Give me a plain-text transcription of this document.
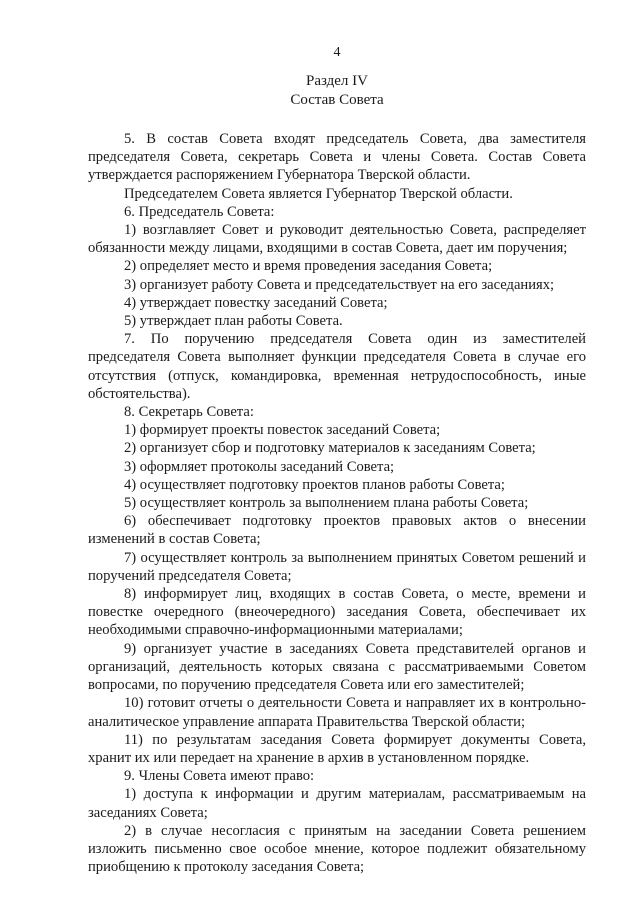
4
Раздел IV
Состав Совета

5. В состав Совета входят председатель Совета, два заместителя председателя Совета, секретарь Совета и члены Совета. Состав Совета утверждается распоряжением Губернатора Тверской области.

Председателем Совета является Губернатор Тверской области.

6. Председатель Совета:

1) возглавляет Совет и руководит деятельностью Совета, распределяет обязанности между лицами, входящими в состав Совета, дает им поручения;

2) определяет место и время проведения заседания Совета;

3) организует работу Совета и председательствует на его заседаниях;

4) утверждает повестку заседаний Совета;

5) утверждает план работы Совета.

7. По поручению председателя Совета один из заместителей председателя Совета выполняет функции председателя Совета в случае его отсутствия (отпуск, командировка, временная нетрудоспособность, иные обстоятельства).

8. Секретарь Совета:

1) формирует проекты повесток заседаний Совета;

2) организует сбор и подготовку материалов к заседаниям Совета;

3) оформляет протоколы заседаний Совета;

4) осуществляет подготовку проектов планов работы Совета;

5) осуществляет контроль за выполнением плана работы Совета;

6) обеспечивает подготовку проектов правовых актов о внесении изменений в состав Совета;

7) осуществляет контроль за выполнением принятых Советом решений и поручений председателя Совета;

8) информирует лиц, входящих в состав Совета, о месте, времени и повестке очередного (внеочередного) заседания Совета, обеспечивает их необходимыми справочно-информационными материалами;

9) организует участие в заседаниях Совета представителей органов и организаций, деятельность которых связана с рассматриваемыми Советом вопросами, по поручению председателя Совета или его заместителей;

10) готовит отчеты о деятельности Совета и направляет их в контрольно-аналитическое управление аппарата Правительства Тверской области;

11) по результатам заседания Совета формирует документы Совета, хранит их или передает на хранение в архив в установленном порядке.

9. Члены Совета имеют право:

1) доступа к информации и другим материалам, рассматриваемым на заседаниях Совета;

2) в случае несогласия с принятым на заседании Совета решением изложить письменно свое особое мнение, которое подлежит обязательному приобщению к протоколу заседания Совета;
